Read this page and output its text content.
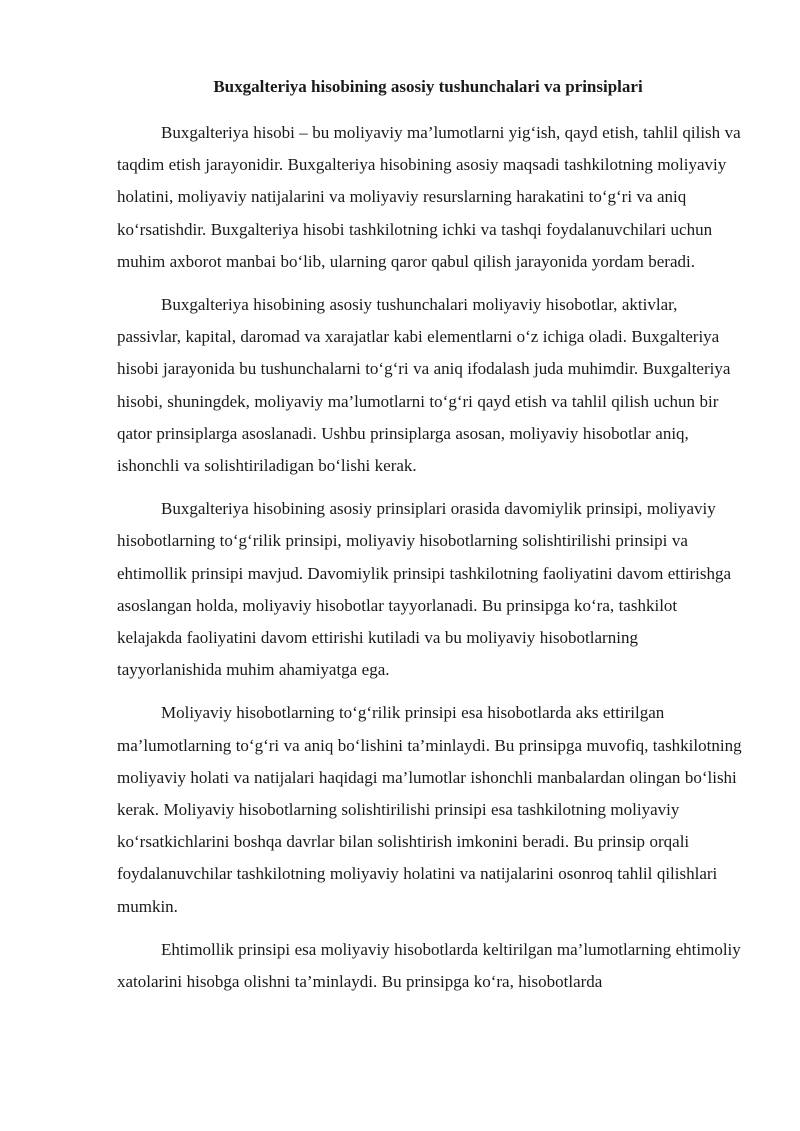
Buxgalteriya hisobining asosiy tushunchalari va prinsiplari

Buxgalteriya hisobi – bu moliyaviy ma’lumotlarni yig‘ish, qayd etish, tahlil qilish va taqdim etish jarayonidir. Buxgalteriya hisobining asosiy maqsadi tashkilotning moliyaviy holatini, moliyaviy natijalarini va moliyaviy resurslarning harakatini to‘g‘ri va aniq ko‘rsatishdir. Buxgalteriya hisobi tashkilotning ichki va tashqi foydalanuvchilari uchun muhim axborot manbai bo‘lib, ularning qaror qabul qilish jarayonida yordam beradi.

Buxgalteriya hisobining asosiy tushunchalari moliyaviy hisobotlar, aktivlar, passivlar, kapital, daromad va xarajatlar kabi elementlarni o‘z ichiga oladi. Buxgalteriya hisobi jarayonida bu tushunchalarni to‘g‘ri va aniq ifodalash juda muhimdir. Buxgalteriya hisobi, shuningdek, moliyaviy ma’lumotlarni to‘g‘ri qayd etish va tahlil qilish uchun bir qator prinsiplarga asoslanadi. Ushbu prinsiplarga asosan, moliyaviy hisobotlar aniq, ishonchli va solishtiriladigan bo‘lishi kerak.

Buxgalteriya hisobining asosiy prinsiplari orasida davomiylik prinsipi, moliyaviy hisobotlarning to‘g‘rilik prinsipi, moliyaviy hisobotlarning solishtirilishi prinsipi va ehtimollik prinsipi mavjud. Davomiylik prinsipi tashkilotning faoliyatini davom ettirishga asoslangan holda, moliyaviy hisobotlar tayyorlanadi. Bu prinsipga ko‘ra, tashkilot kelajakda faoliyatini davom ettirishi kutiladi va bu moliyaviy hisobotlarning tayyorlanishida muhim ahamiyatga ega.

Moliyaviy hisobotlarning to‘g‘rilik prinsipi esa hisobotlarda aks ettirilgan ma’lumotlarning to‘g‘ri va aniq bo‘lishini ta’minlaydi. Bu prinsipga muvofiq, tashkilotning moliyaviy holati va natijalari haqidagi ma’lumotlar ishonchli manbalardan olingan bo‘lishi kerak. Moliyaviy hisobotlarning solishtirilishi prinsipi esa tashkilotning moliyaviy ko‘rsatkichlarini boshqa davrlar bilan solishtirish imkonini beradi. Bu prinsip orqali foydalanuvchilar tashkilotning moliyaviy holatini va natijalarini osonroq tahlil qilishlari mumkin.

Ehtimollik prinsipi esa moliyaviy hisobotlarda keltirilgan ma’lumotlarning ehtimoliy xatolarini hisobga olishni ta’minlaydi. Bu prinsipga ko‘ra, hisobotlarda
